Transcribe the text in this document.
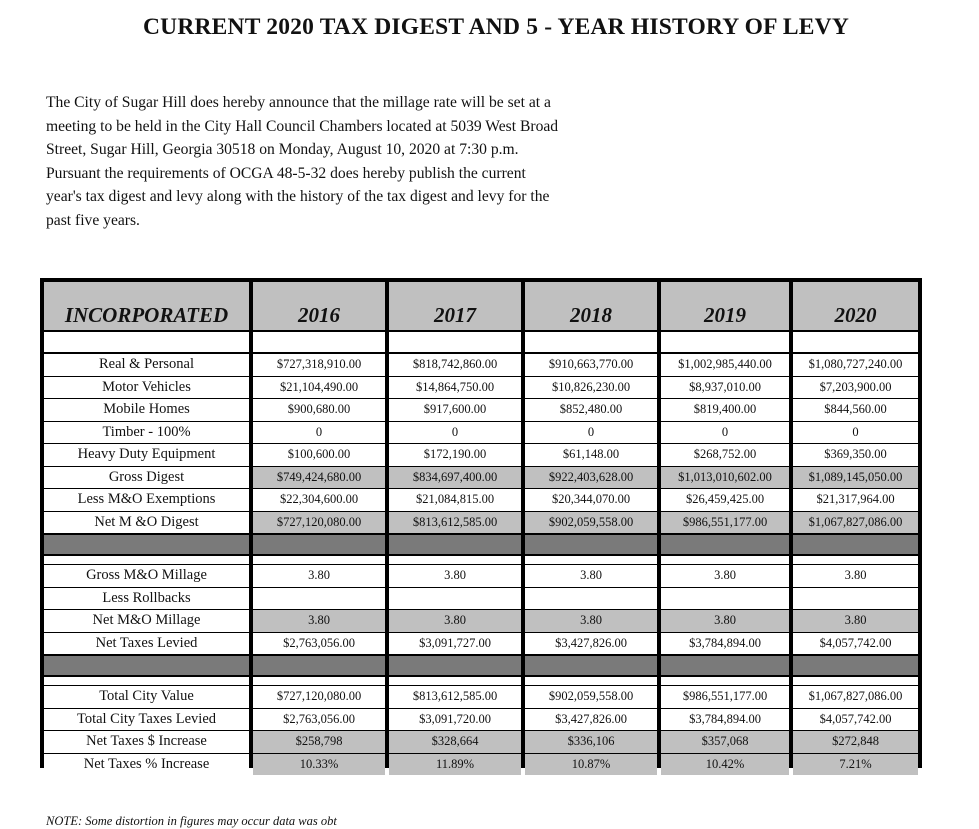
CURRENT 2020 TAX DIGEST AND 5 - YEAR HISTORY OF LEVY
The City of Sugar Hill does hereby announce that the millage rate will be set at a
meeting to be held in the City Hall Council Chambers located at 5039 West Broad
Street, Sugar Hill, Georgia 30518 on Monday, August 10, 2020 at 7:30 p.m.
Pursuant the requirements of OCGA 48-5-32 does hereby publish the current
year's tax digest and levy along with the history of the tax digest and levy for the
past five years.
INCORPORATED	2016	2017	2018	2019	2020
Real & Personal	$727,318,910.00	$818,742,860.00	$910,663,770.00	$1,002,985,440.00	$1,080,727,240.00
Motor Vehicles	$21,104,490.00	$14,864,750.00	$10,826,230.00	$8,937,010.00	$7,203,900.00
Mobile Homes	$900,680.00	$917,600.00	$852,480.00	$819,400.00	$844,560.00
Timber - 100%	0	0	0	0	0
Heavy Duty Equipment	$100,600.00	$172,190.00	$61,148.00	$268,752.00	$369,350.00
Gross Digest	$749,424,680.00	$834,697,400.00	$922,403,628.00	$1,013,010,602.00	$1,089,145,050.00
Less M&O Exemptions	$22,304,600.00	$21,084,815.00	$20,344,070.00	$26,459,425.00	$21,317,964.00
Net M &O Digest	$727,120,080.00	$813,612,585.00	$902,059,558.00	$986,551,177.00	$1,067,827,086.00
Gross M&O Millage	3.80	3.80	3.80	3.80	3.80
Less Rollbacks
Net M&O Millage	3.80	3.80	3.80	3.80	3.80
Net Taxes Levied	$2,763,056.00	$3,091,727.00	$3,427,826.00	$3,784,894.00	$4,057,742.00
Total City Value	$727,120,080.00	$813,612,585.00	$902,059,558.00	$986,551,177.00	$1,067,827,086.00
Total City Taxes Levied	$2,763,056.00	$3,091,720.00	$3,427,826.00	$3,784,894.00	$4,057,742.00
Net Taxes $ Increase	$258,798	$328,664	$336,106	$357,068	$272,848
Net Taxes % Increase	10.33%	11.89%	10.87%	10.42%	7.21%
NOTE: Some distortion in figures may occur data was obt
